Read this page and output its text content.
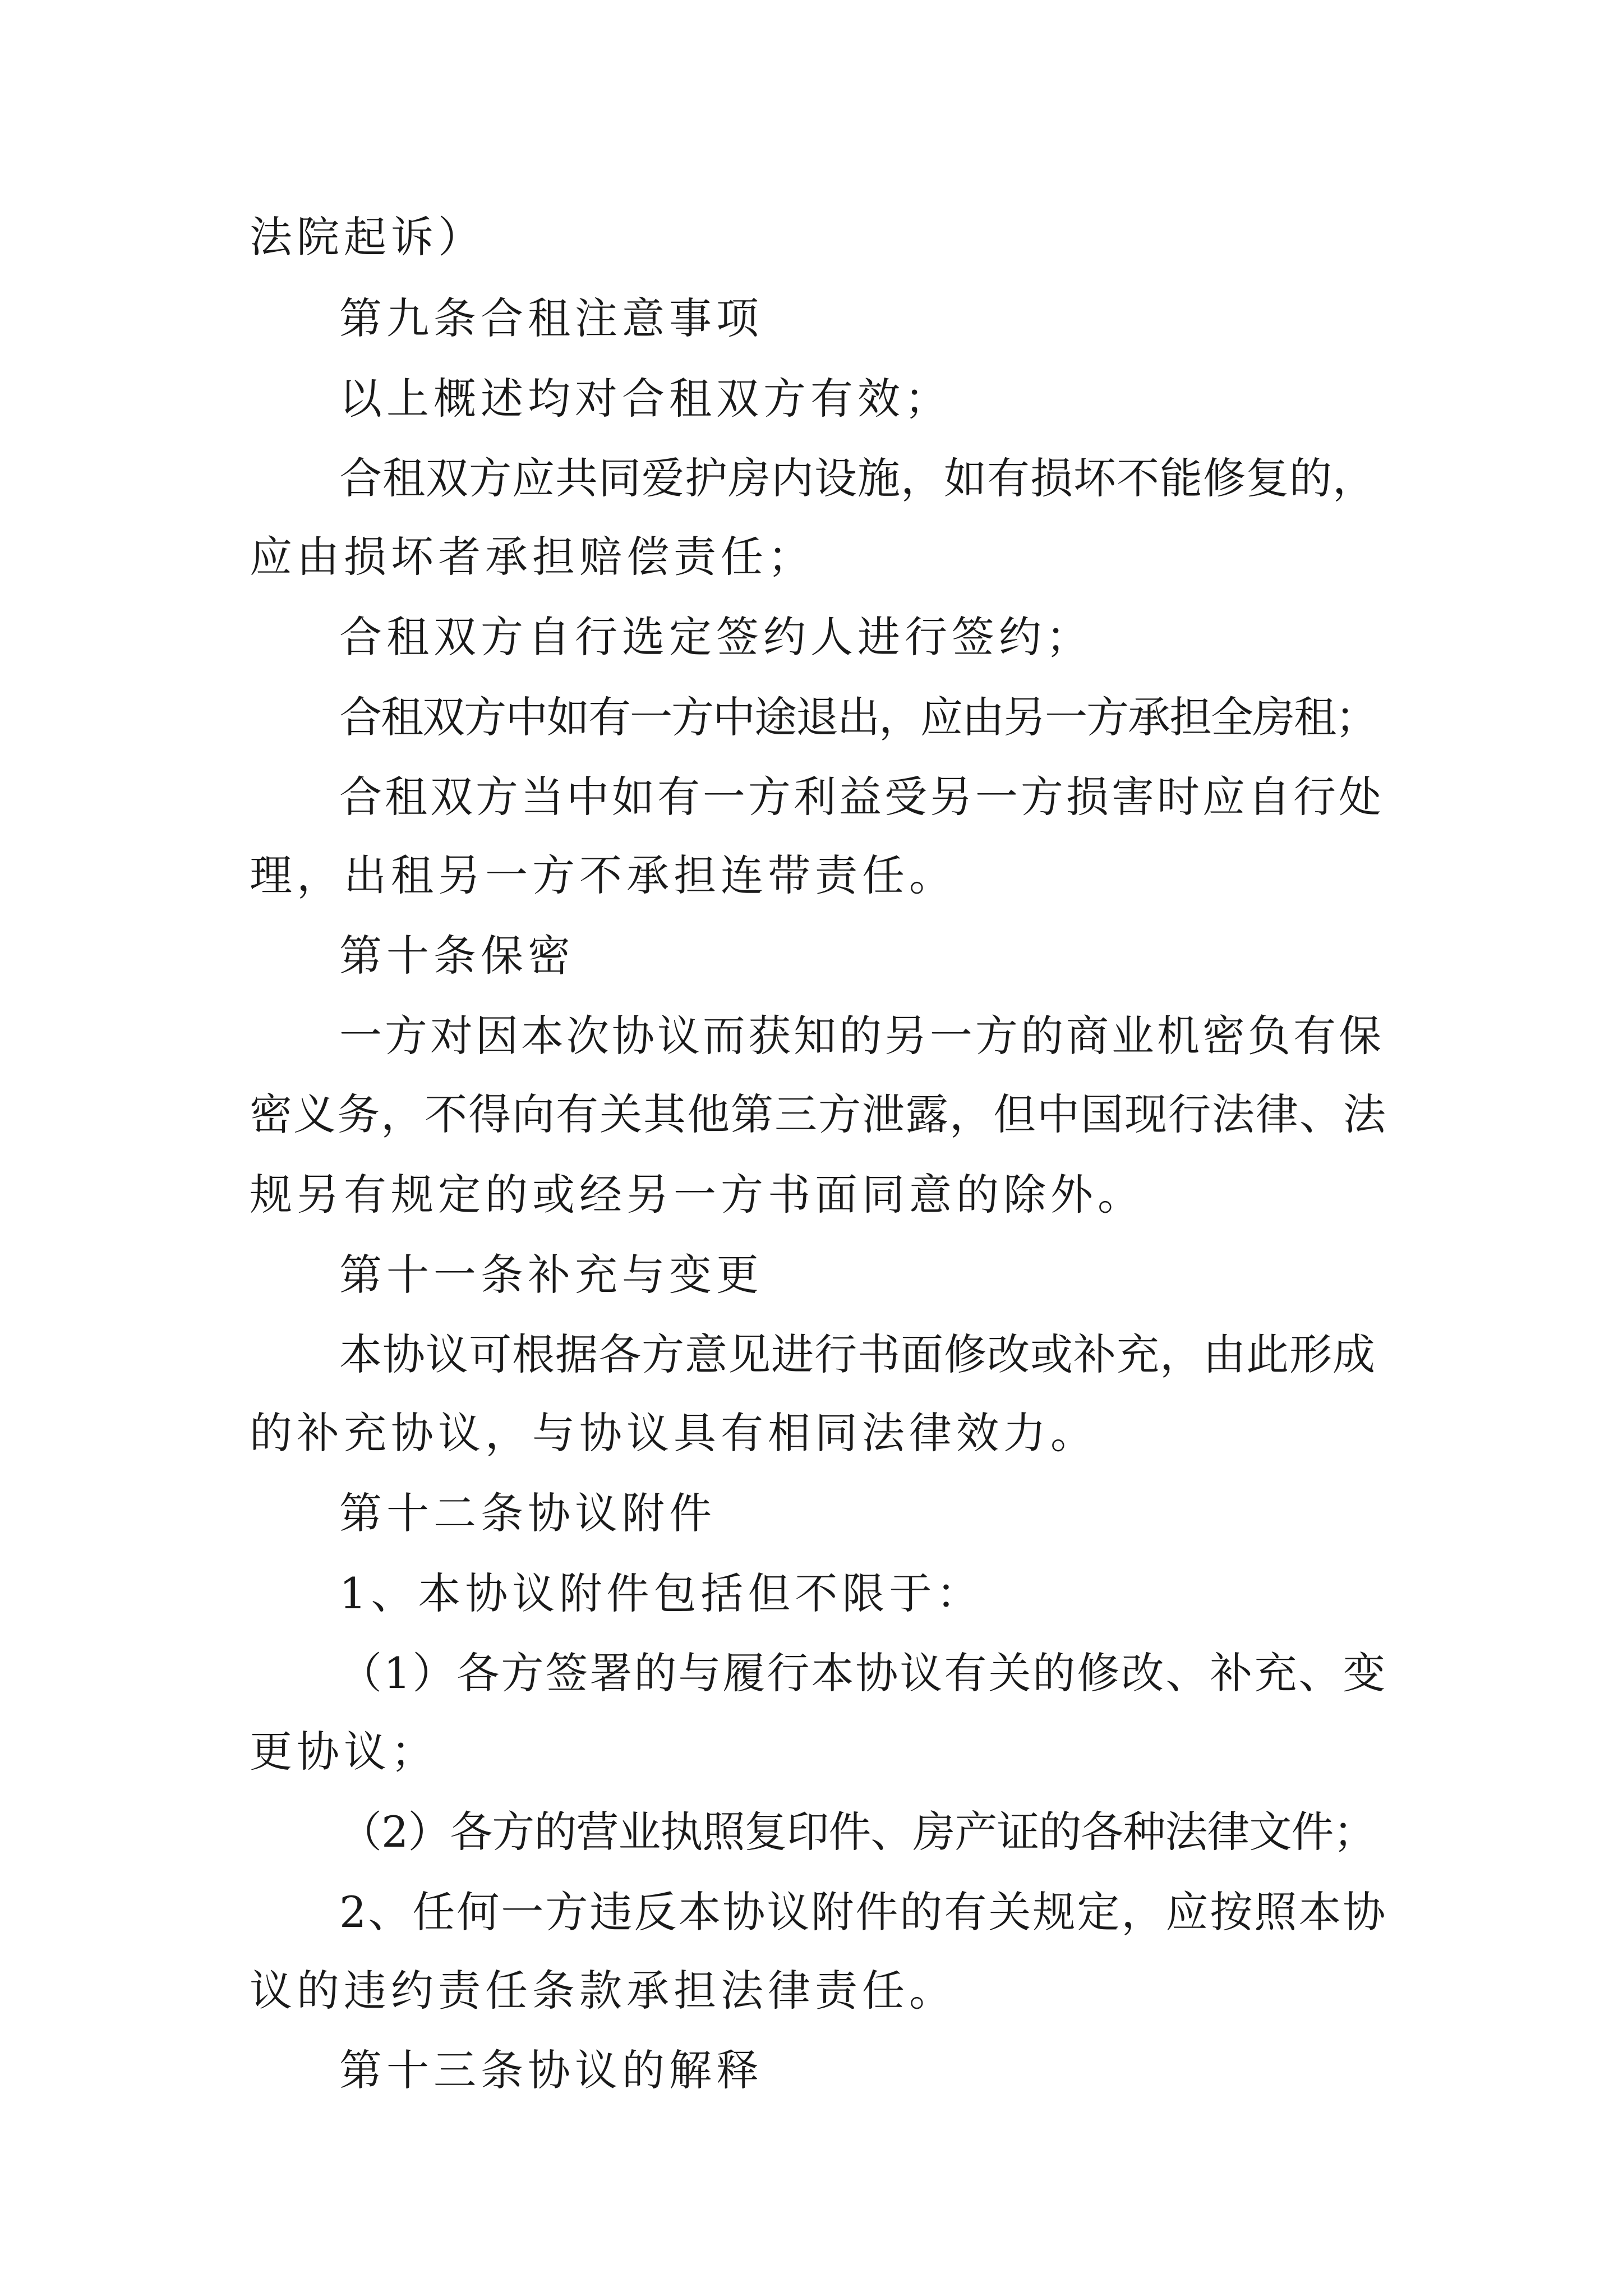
法院起诉）
第九条合租注意事项
以上概述均对合租双方有效；
合租双方应共同爱护房内设施，如有损坏不能修复的，
应由损坏者承担赔偿责任；
合租双方自行选定签约人进行签约；
合租双方中如有一方中途退出，应由另一方承担全房租；
合租双方当中如有一方利益受另一方损害时应自行处
理，出租另一方不承担连带责任。
第十条保密
一方对因本次协议而获知的另一方的商业机密负有保
密义务，不得向有关其他第三方泄露，但中国现行法律、法
规另有规定的或经另一方书面同意的除外。
第十一条补充与变更
本协议可根据各方意见进行书面修改或补充，由此形成
的补充协议，与协议具有相同法律效力。
第十二条协议附件
1、本协议附件包括但不限于：
（1）各方签署的与履行本协议有关的修改、补充、变
更协议；
（2）各方的营业执照复印件、房产证的各种法律文件；
2、任何一方违反本协议附件的有关规定，应按照本协
议的违约责任条款承担法律责任。
第十三条协议的解释
